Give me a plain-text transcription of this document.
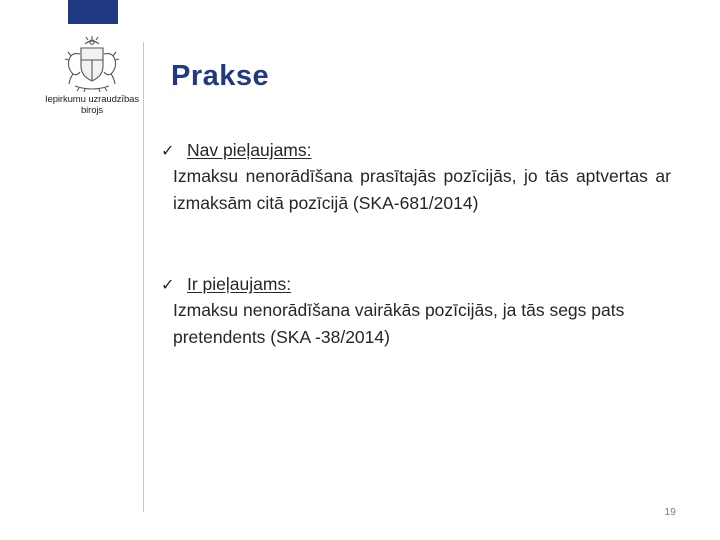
Iepirkumu uzraudzības
birojs
Prakse
✓ Nav pieļaujams:
Izmaksu nenorādīšana prasītajās pozīcijās, jo tās aptvertas ar izmaksām citā pozīcijā (SKA-681/2014)
✓ Ir pieļaujams:
Izmaksu nenorādīšana vairākās pozīcijās, ja tās segs pats pretendents (SKA -38/2014)
19
